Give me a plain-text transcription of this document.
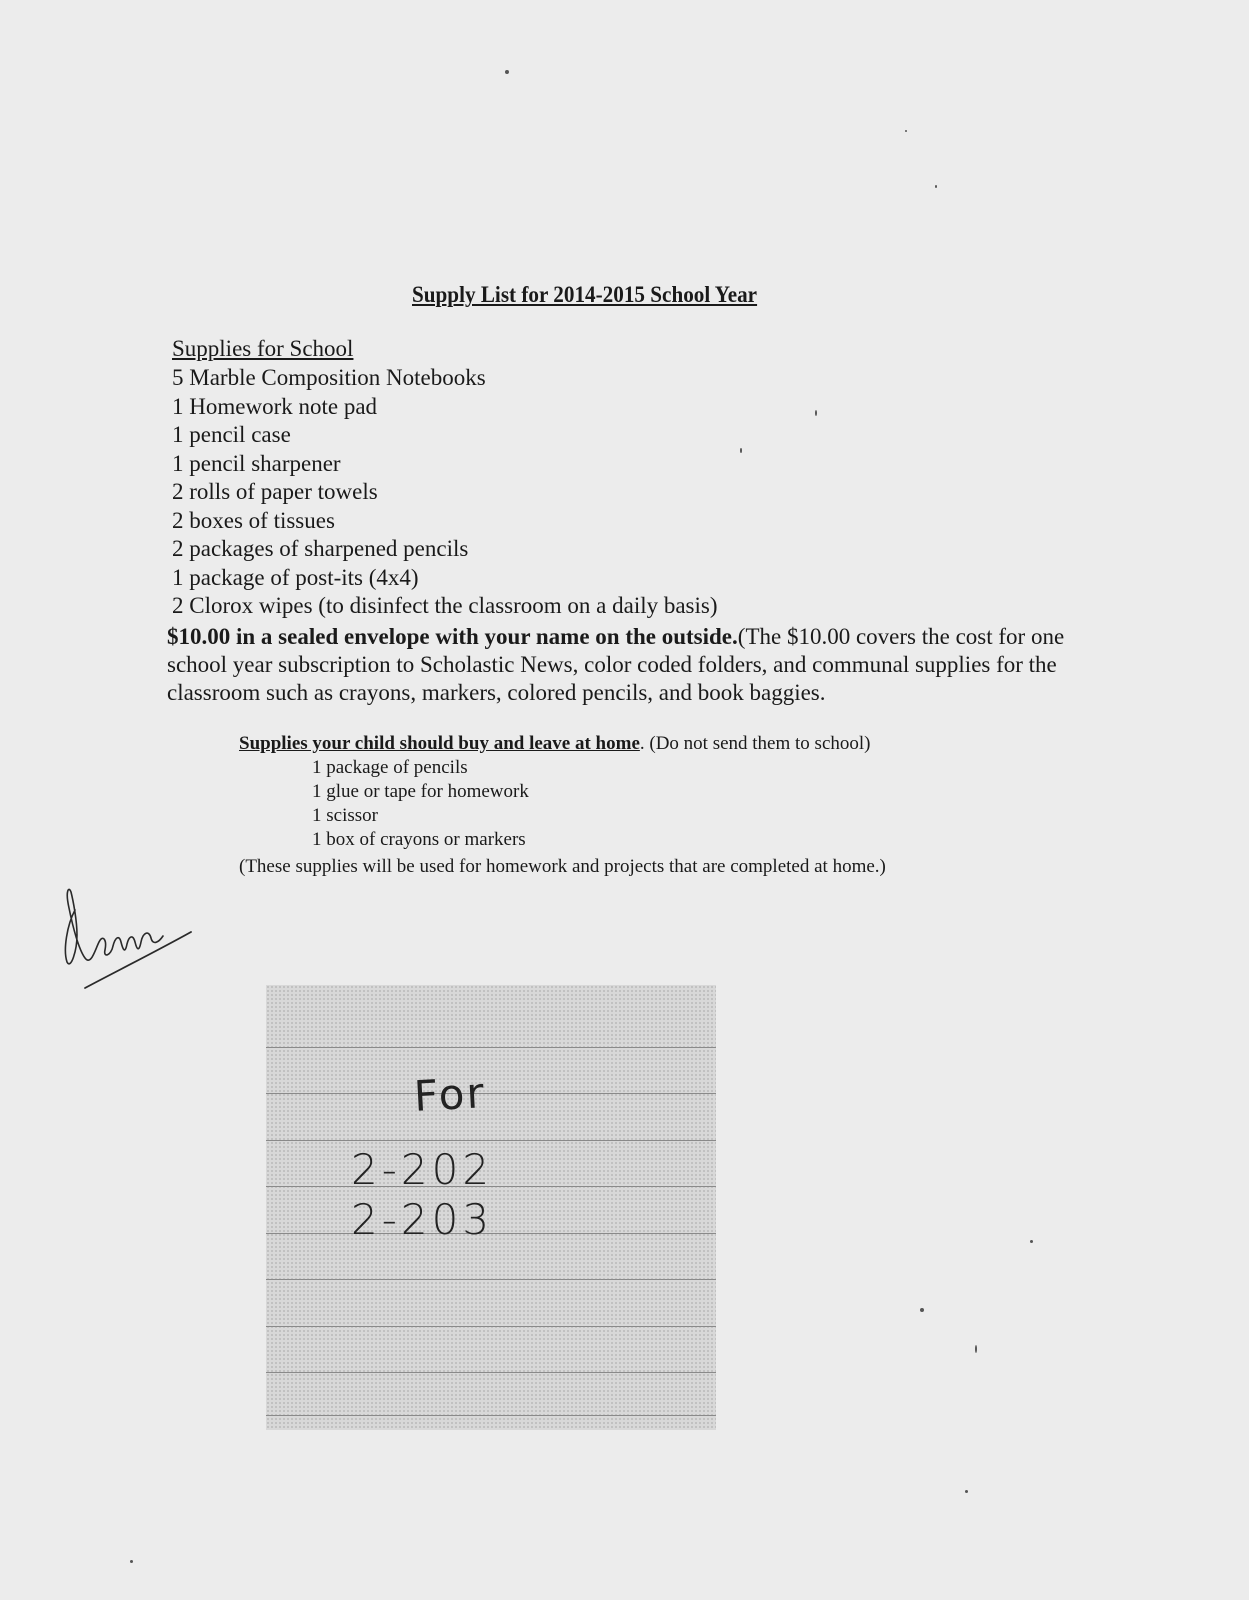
Supply List for 2014-2015 School Year
Supplies for School
5 Marble Composition Notebooks
1 Homework note pad
1 pencil case
1 pencil sharpener
2 rolls of paper towels
2 boxes of tissues
2 packages of sharpened pencils
1 package of post-its (4x4)
2 Clorox wipes (to disinfect the classroom on a daily basis)

$10.00 in a sealed envelope with your name on the outside.(The $10.00 covers the cost for one school year subscription to Scholastic News, color coded folders, and communal supplies for the classroom such as crayons, markers, colored pencils, and book baggies.

Supplies your child should buy and leave at home. (Do not send them to school)
1 package of pencils
1 glue or tape for homework
1 scissor
1 box of crayons or markers
(These supplies will be used for homework and projects that are completed at home.)
For
2-202
2-203
